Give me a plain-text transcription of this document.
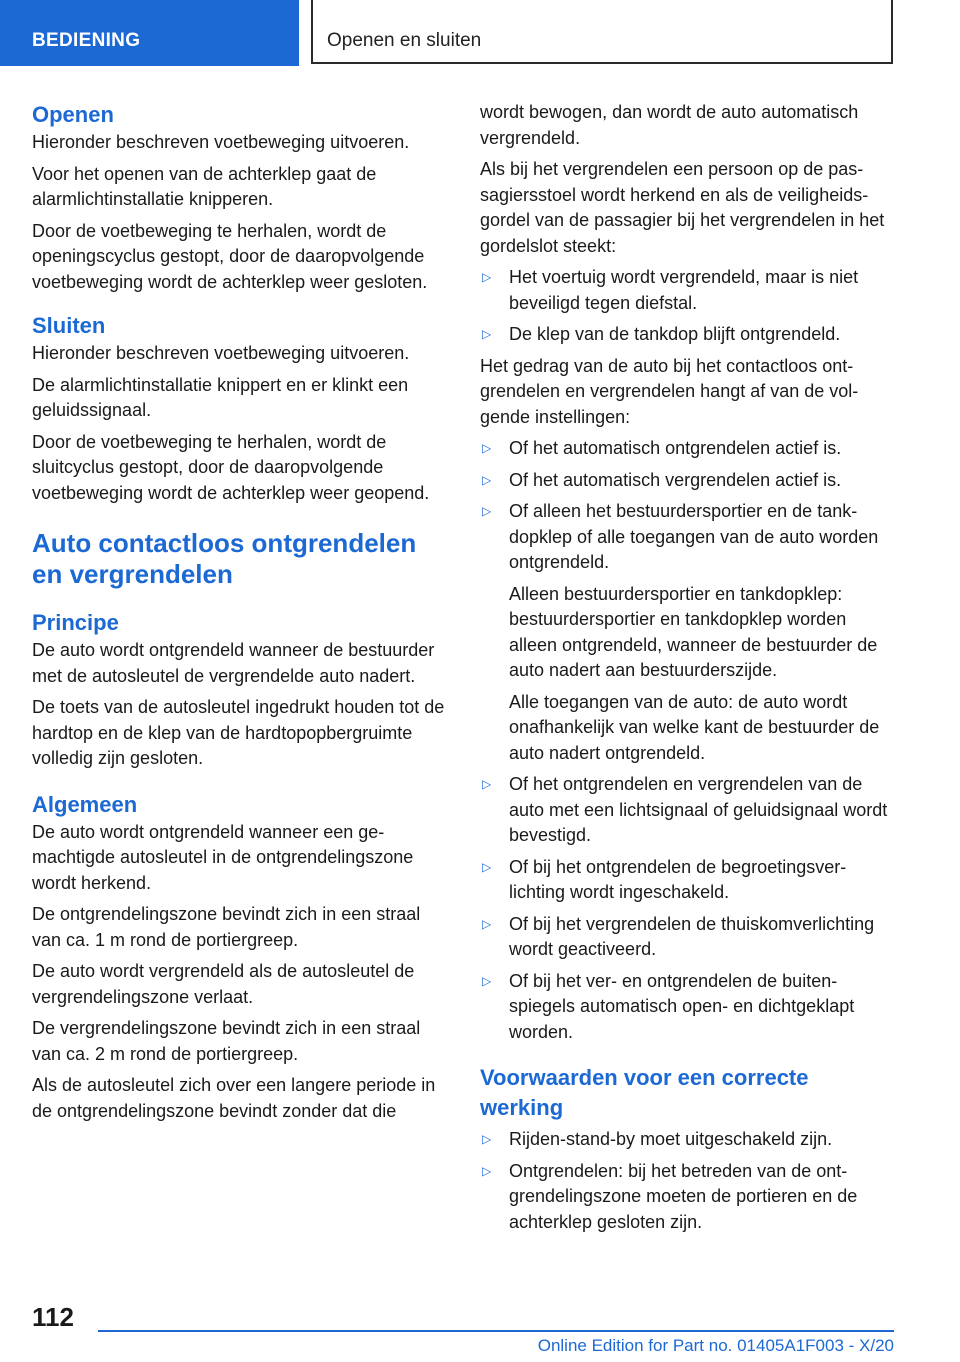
BEDIENING	Openen en sluiten
Openen

Hieronder beschreven voetbeweging uitvoeren.

Voor het openen van de achterklep gaat de alarmlichtinstallatie knipperen.

Door de voetbeweging te herhalen, wordt de openingscyclus gestopt, door de daaropvolgende voetbeweging wordt de achterklep weer gesloten.

Sluiten

Hieronder beschreven voetbeweging uitvoeren.

De alarmlichtinstallatie knippert en er klinkt een geluidssignaal.

Door de voetbeweging te herhalen, wordt de sluitcyclus gestopt, door de daaropvolgende voetbeweging wordt de achterklep weer geopend.

Auto contactloos ontgrendelen en vergrendelen
Principe

De auto wordt ontgrendeld wanneer de bestuurder met de autosleutel de vergrendelde auto nadert.

De toets van de autosleutel ingedrukt houden tot de hardtop en de klep van de hardtopopbergruimte volledig zijn gesloten.

Algemeen

De auto wordt ontgrendeld wanneer een gemachtigde autosleutel in de ontgrendelingszone wordt herkend.

De ontgrendelingszone bevindt zich in een straal van ca. 1 m rond de portiergreep.

De auto wordt vergrendeld als de autosleutel de vergrendelingszone verlaat.

De vergrendelingszone bevindt zich in een straal van ca. 2 m rond de portiergreep.

Als de autosleutel zich over een langere periode in de ontgrendelingszone bevindt zonder dat die

wordt bewogen, dan wordt de auto automatisch vergrendeld.

Als bij het vergrendelen een persoon op de passagiersstoel wordt herkend en als de veiligheidsgordel van de passagier bij het vergrendelen in het gordelslot steekt:

▷ Het voertuig wordt vergrendeld, maar is niet beveiligd tegen diefstal.
▷ De klep van de tankdop blijft ontgrendeld.

Het gedrag van de auto bij het contactloos ontgrendelen en vergrendelen hangt af van de volgende instellingen:

▷ Of het automatisch ontgrendelen actief is.
▷ Of het automatisch vergrendelen actief is.
▷ Of alleen het bestuurdersportier en de tankdopklep of alle toegangen van de auto worden ontgrendeld.

Alleen bestuurdersportier en tankdopklep: bestuurdersportier en tankdopklep worden alleen ontgrendeld, wanneer de bestuurder de auto nadert aan bestuurderszijde.

Alle toegangen van de auto: de auto wordt onafhankelijk van welke kant de bestuurder de auto nadert ontgrendeld.

▷ Of het ontgrendelen en vergrendelen van de auto met een lichtsignaal of geluidsignaal wordt bevestigd.
▷ Of bij het ontgrendelen de begroetingsverlichting wordt ingeschakeld.
▷ Of bij het vergrendelen de thuiskomverlichting wordt geactiveerd.
▷ Of bij het ver- en ontgrendelen de buitenspiegels automatisch open- en dichtgeklapt worden.
Voorwaarden voor een correcte werking
▷ Rijden-stand-by moet uitgeschakeld zijn.
▷ Ontgrendelen: bij het betreden van de ontgrendelingszone moeten de portieren en de achterklep gesloten zijn.
112
Online Edition for Part no. 01405A1F003 - X/20
